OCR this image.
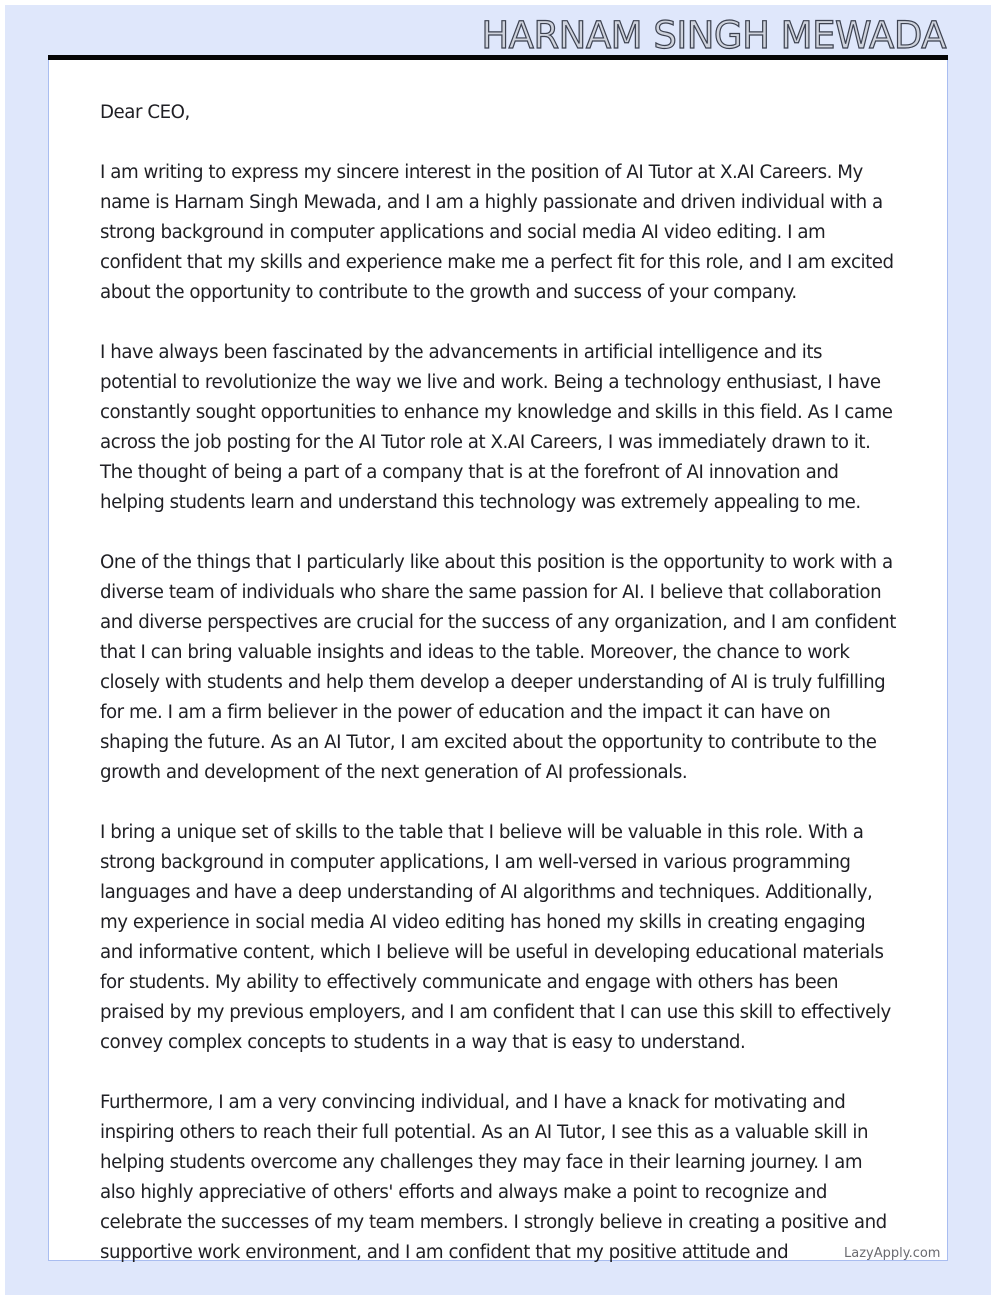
HARNAM SINGH MEWADA

Dear CEO,

I am writing to express my sincere interest in the position of AI Tutor at X.AI Careers. My name is Harnam Singh Mewada, and I am a highly passionate and driven individual with a strong background in computer applications and social media AI video editing. I am confident that my skills and experience make me a perfect fit for this role, and I am excited about the opportunity to contribute to the growth and success of your company.

I have always been fascinated by the advancements in artificial intelligence and its potential to revolutionize the way we live and work. Being a technology enthusiast, I have constantly sought opportunities to enhance my knowledge and skills in this field. As I came across the job posting for the AI Tutor role at X.AI Careers, I was immediately drawn to it. The thought of being a part of a company that is at the forefront of AI innovation and helping students learn and understand this technology was extremely appealing to me.

One of the things that I particularly like about this position is the opportunity to work with a diverse team of individuals who share the same passion for AI. I believe that collaboration and diverse perspectives are crucial for the success of any organization, and I am confident that I can bring valuable insights and ideas to the table. Moreover, the chance to work closely with students and help them develop a deeper understanding of AI is truly fulfilling for me. I am a firm believer in the power of education and the impact it can have on shaping the future. As an AI Tutor, I am excited about the opportunity to contribute to the growth and development of the next generation of AI professionals.

I bring a unique set of skills to the table that I believe will be valuable in this role. With a strong background in computer applications, I am well-versed in various programming languages and have a deep understanding of AI algorithms and techniques. Additionally, my experience in social media AI video editing has honed my skills in creating engaging and informative content, which I believe will be useful in developing educational materials for students. My ability to effectively communicate and engage with others has been praised by my previous employers, and I am confident that I can use this skill to effectively convey complex concepts to students in a way that is easy to understand.

Furthermore, I am a very convincing individual, and I have a knack for motivating and inspiring others to reach their full potential. As an AI Tutor, I see this as a valuable skill in helping students overcome any challenges they may face in their learning journey. I am also highly appreciative of others' efforts and always make a point to recognize and celebrate the successes of my team members. I strongly believe in creating a positive and supportive work environment, and I am confident that my positive attitude and	LazyApply.com
